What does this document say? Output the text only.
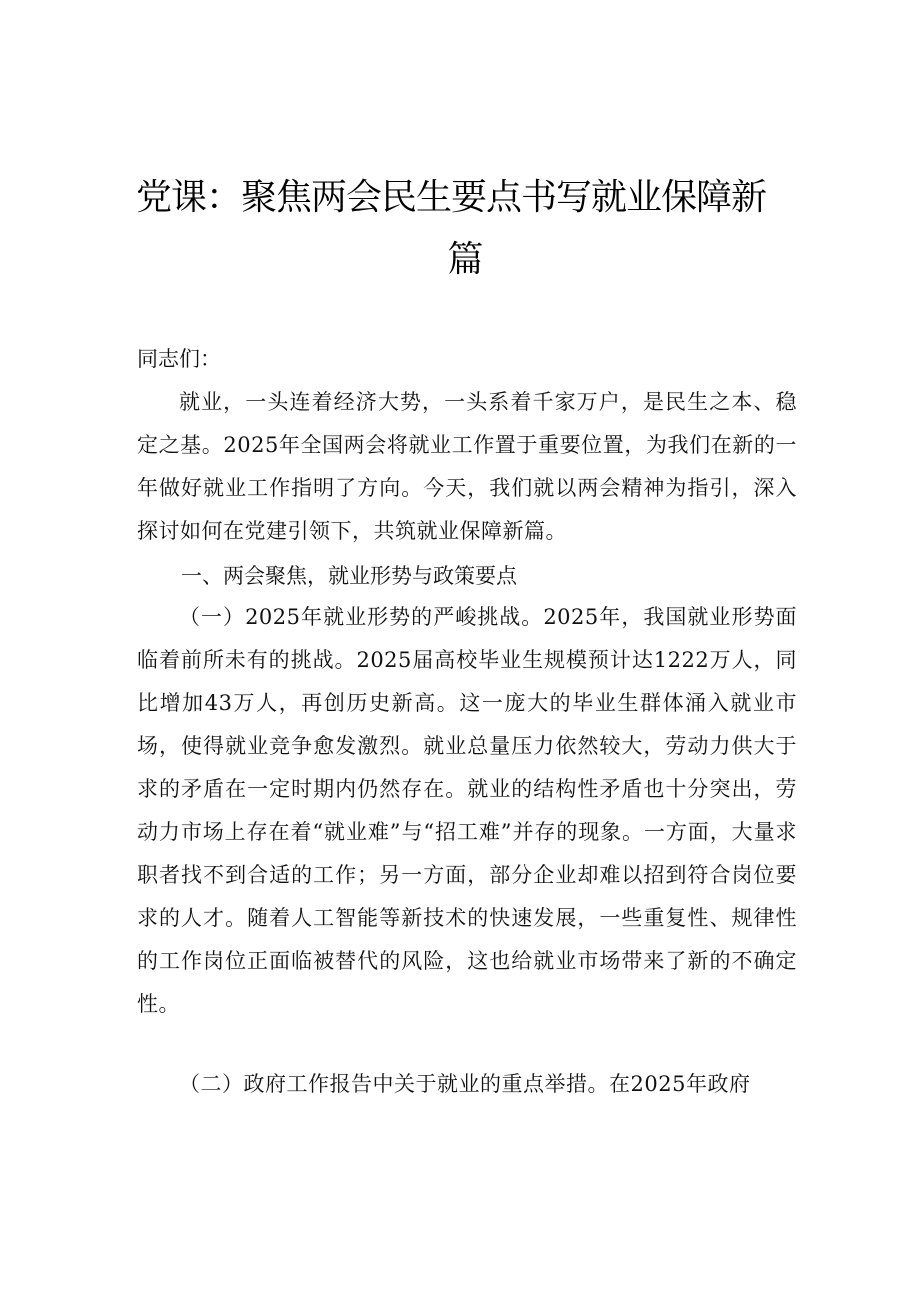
党课：聚焦两会民生要点书写就业保障新
篇
同志们：
就业，一头连着经济大势，一头系着千家万户，是民生之本、稳定之基。2025年全国两会将就业工作置于重要位置，为我们在新的一年做好就业工作指明了方向。今天，我们就以两会精神为指引，深入探讨如何在党建引领下，共筑就业保障新篇。
一、两会聚焦，就业形势与政策要点
（一）2025年就业形势的严峻挑战。2025年，我国就业形势面临着前所未有的挑战。2025届高校毕业生规模预计达1222万人，同比增加43万人，再创历史新高。这一庞大的毕业生群体涌入就业市场，使得就业竞争愈发激烈。就业总量压力依然较大，劳动力供大于求的矛盾在一定时期内仍然存在。就业的结构性矛盾也十分突出，劳动力市场上存在着“就业难”与“招工难”并存的现象。一方面，大量求职者找不到合适的工作；另一方面，部分企业却难以招到符合岗位要求的人才。随着人工智能等新技术的快速发展，一些重复性、规律性的工作岗位正面临被替代的风险，这也给就业市场带来了新的不确定性。
（二）政府工作报告中关于就业的重点举措。在2025年政府
